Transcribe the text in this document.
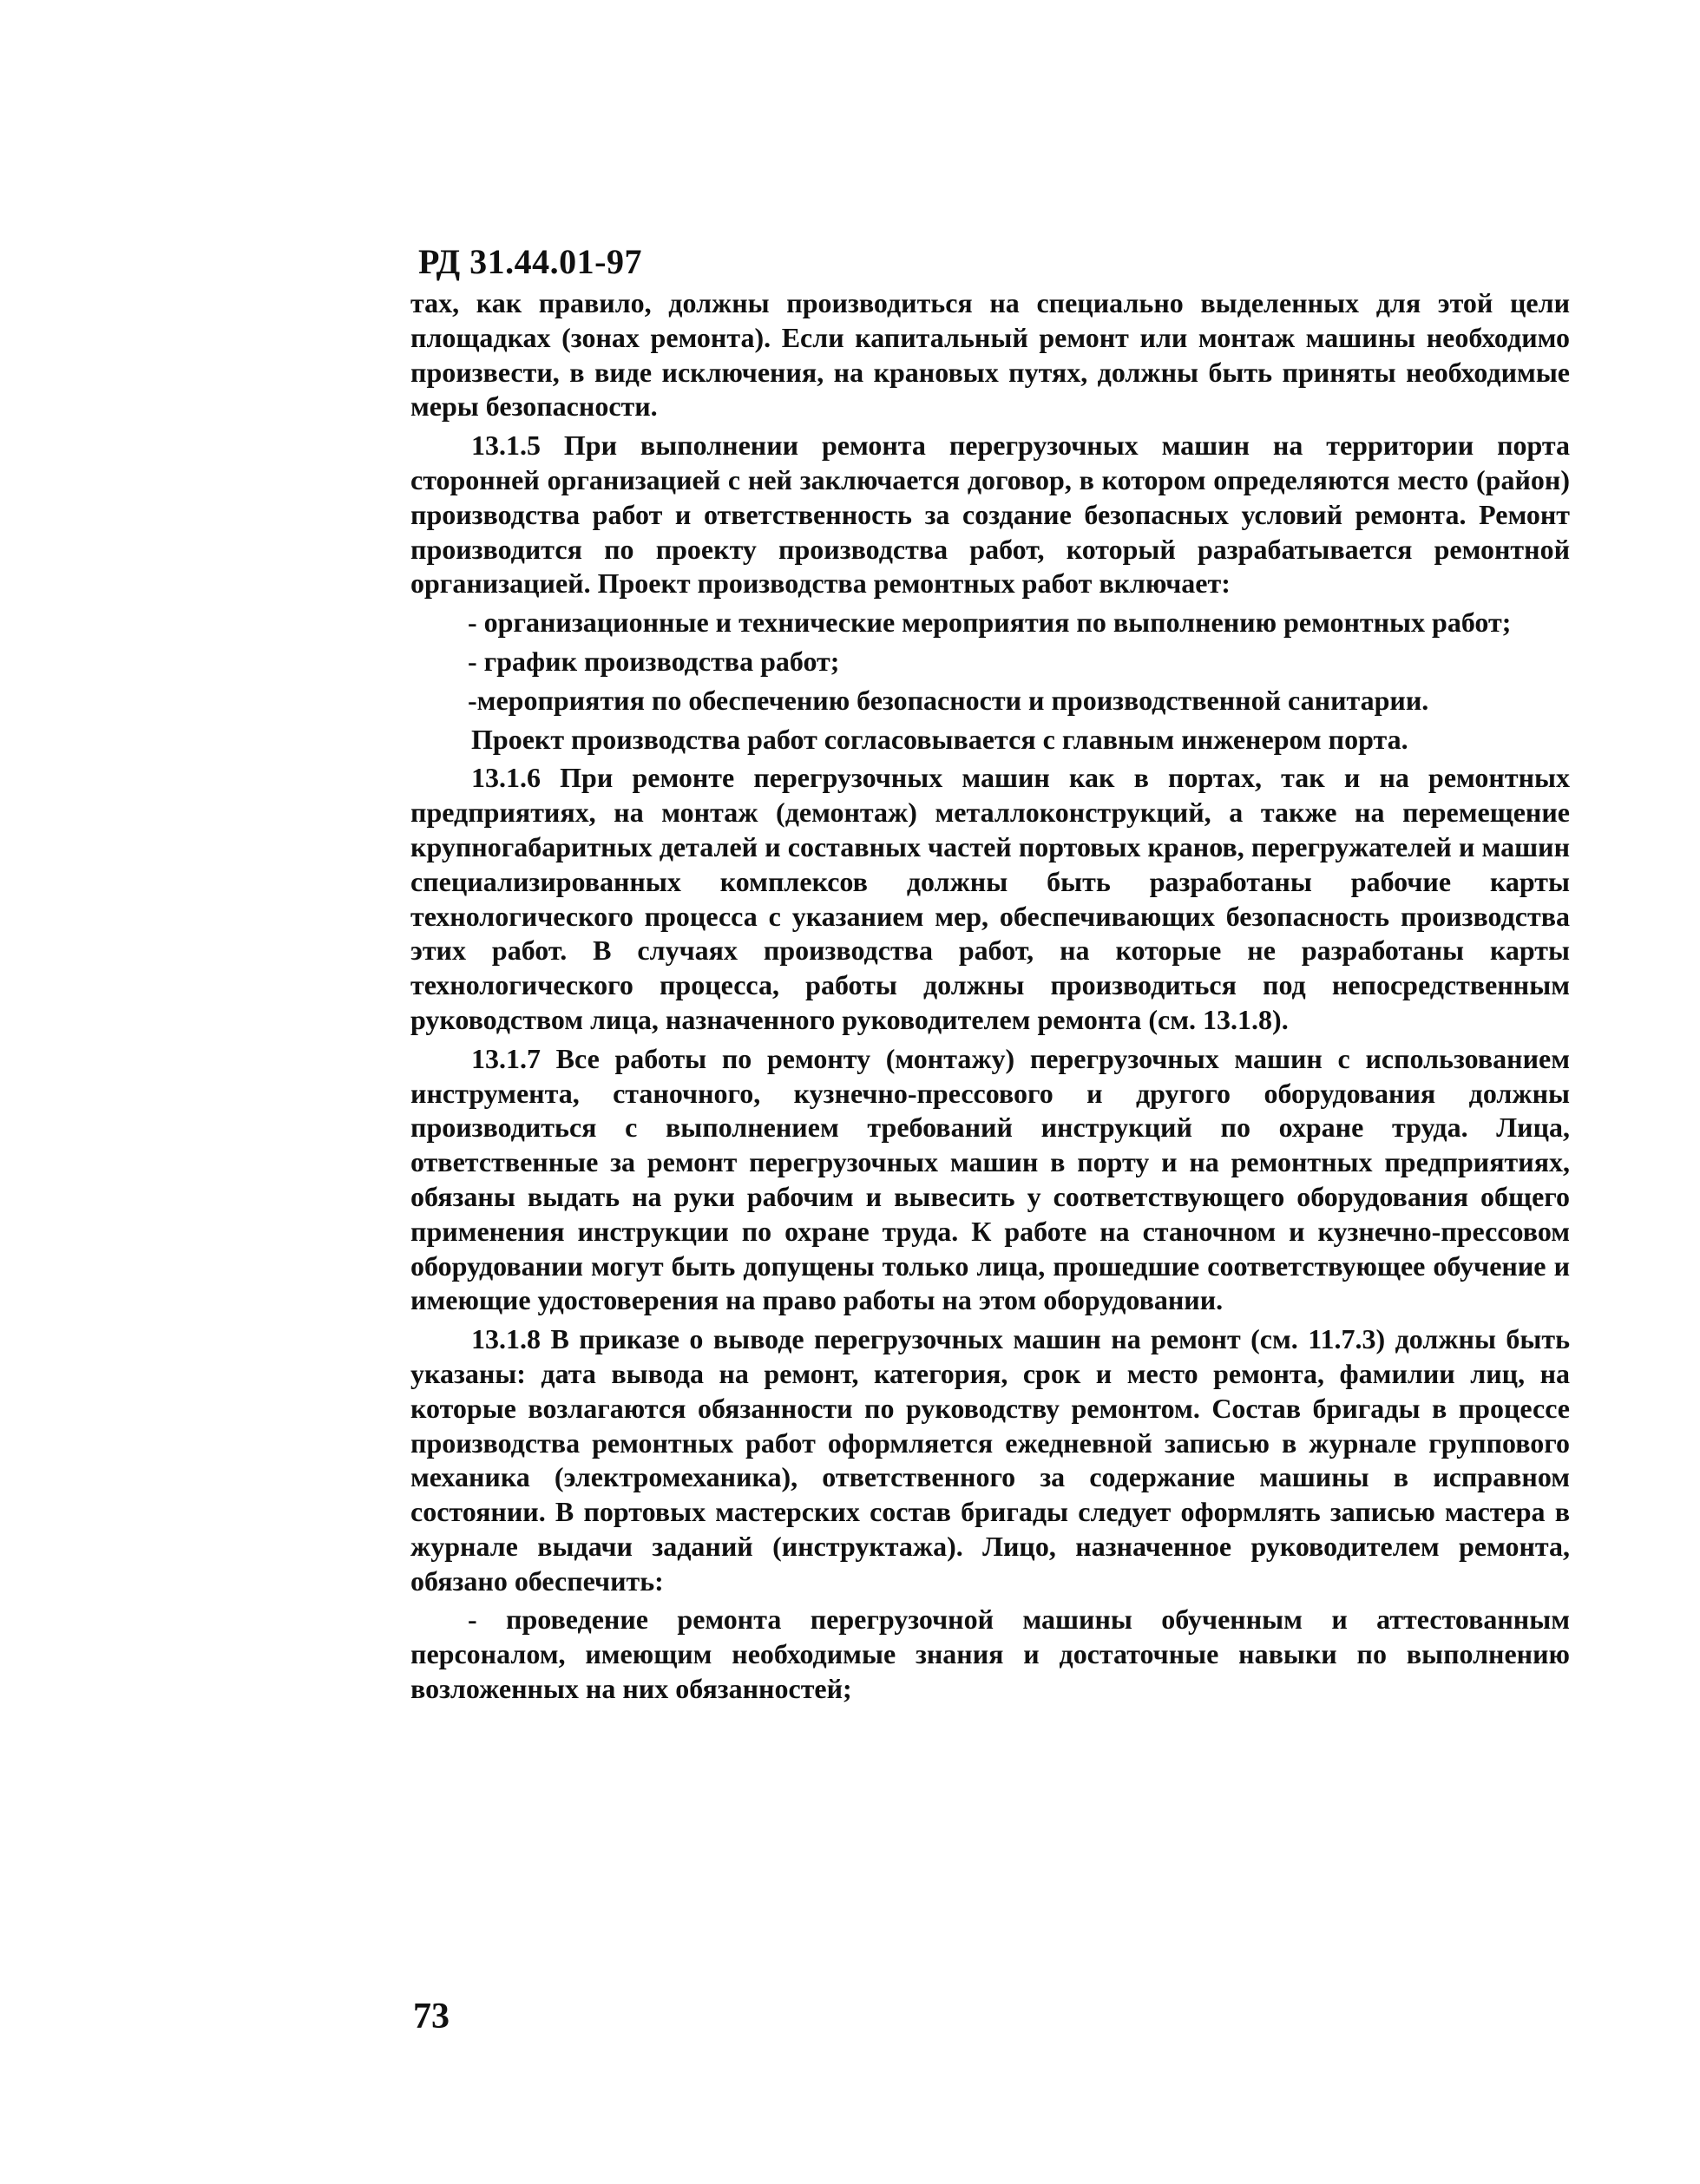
РД 31.44.01-97

тах, как правило, должны производиться на специально выделенных для этой цели площадках (зонах ремонта). Если капитальный ремонт или монтаж машины необходимо произвести, в виде исключения, на крановых путях, должны быть приняты необходимые меры безопасности.

13.1.5 При выполнении ремонта перегрузочных машин на территории порта сторонней организацией с ней заключается договор, в котором определяются место (район) производства работ и ответственность за создание безопасных условий ремонта. Ремонт производится по проекту производства работ, который разрабатывается ремонтной организацией. Проект производства ремонтных работ включает:

- организационные и технические мероприятия по выполнению ремонтных работ;

- график производства работ;

-мероприятия по обеспечению безопасности и производственной санитарии.

Проект производства работ согласовывается с главным инженером порта.

13.1.6 При ремонте перегрузочных машин как в портах, так и на ремонтных предприятиях, на монтаж (демонтаж) металлоконструкций, а также на перемещение крупногабаритных деталей и составных частей портовых кранов, перегружателей и машин специализированных комплексов должны быть разработаны рабочие карты технологического процесса с указанием мер, обеспечивающих безопасность производства этих работ. В случаях производства работ, на которые не разработаны карты технологического процесса, работы должны производиться под непосредственным руководством лица, назначенного руководителем ремонта (см. 13.1.8).

13.1.7 Все работы по ремонту (монтажу) перегрузочных машин с использованием инструмента, станочного, кузнечно-прессового и другого оборудования должны производиться с выполнением требований инструкций по охране труда. Лица, ответственные за ремонт перегрузочных машин в порту и на ремонтных предприятиях, обязаны выдать на руки рабочим и вывесить у соответствующего оборудования общего применения инструкции по охране труда. К работе на станочном и кузнечно-прессовом оборудовании могут быть допущены только лица, прошедшие соответствующее обучение и имеющие удостоверения на право работы на этом оборудовании.

13.1.8 В приказе о выводе перегрузочных машин на ремонт (см. 11.7.3) должны быть указаны: дата вывода на ремонт, категория, срок и место ремонта, фамилии лиц, на которые возлагаются обязанности по руководству ремонтом. Состав бригады в процессе производства ремонтных работ оформляется ежедневной записью в журнале группового механика (электромеханика), ответственного за содержание машины в исправном состоянии. В портовых мастерских состав бригады следует оформлять записью мастера в журнале выдачи заданий (инструктажа). Лицо, назначенное руководителем ремонта, обязано обеспечить:

- проведение ремонта перегрузочной машины обученным и аттестованным персоналом, имеющим необходимые знания и достаточные навыки по выполнению возложенных на них обязанностей;

73
